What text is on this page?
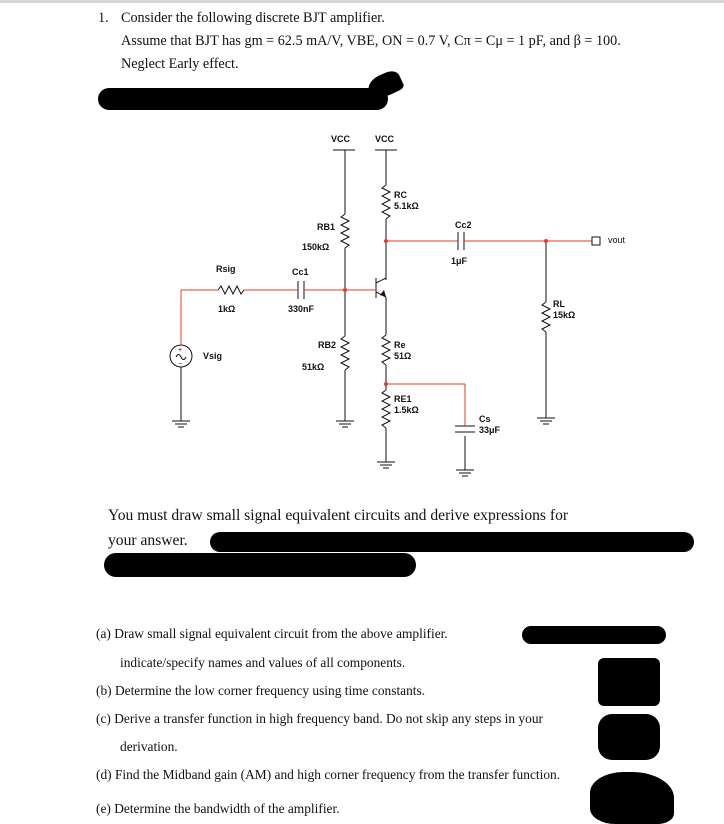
1. Consider the following discrete BJT amplifier.
Assume that BJT has gm = 62.5 mA/V, VBE, ON = 0.7 V, Cπ = Cμ = 1 pF, and β = 100.
Neglect Early effect.
VCC	VCC
RC
5.1kΩ
RB1
150kΩ
Cc2
1μF
vout
Rsig
1kΩ
Cc1
330nF	RL
15kΩ
Vsig
RB2
51kΩ
Re
51Ω
RE1
1.5kΩ
Cs
33μF
+
−
You must draw small signal equivalent circuits and derive expressions for
your answer.
(a) Draw small signal equivalent circuit from the above amplifier.
indicate/specify names and values of all components.
(b) Determine the low corner frequency using time constants.
(c) Derive a transfer function in high frequency band. Do not skip any steps in your
derivation.
(d) Find the Midband gain (AM) and high corner frequency from the transfer function.
(e) Determine the bandwidth of the amplifier.
